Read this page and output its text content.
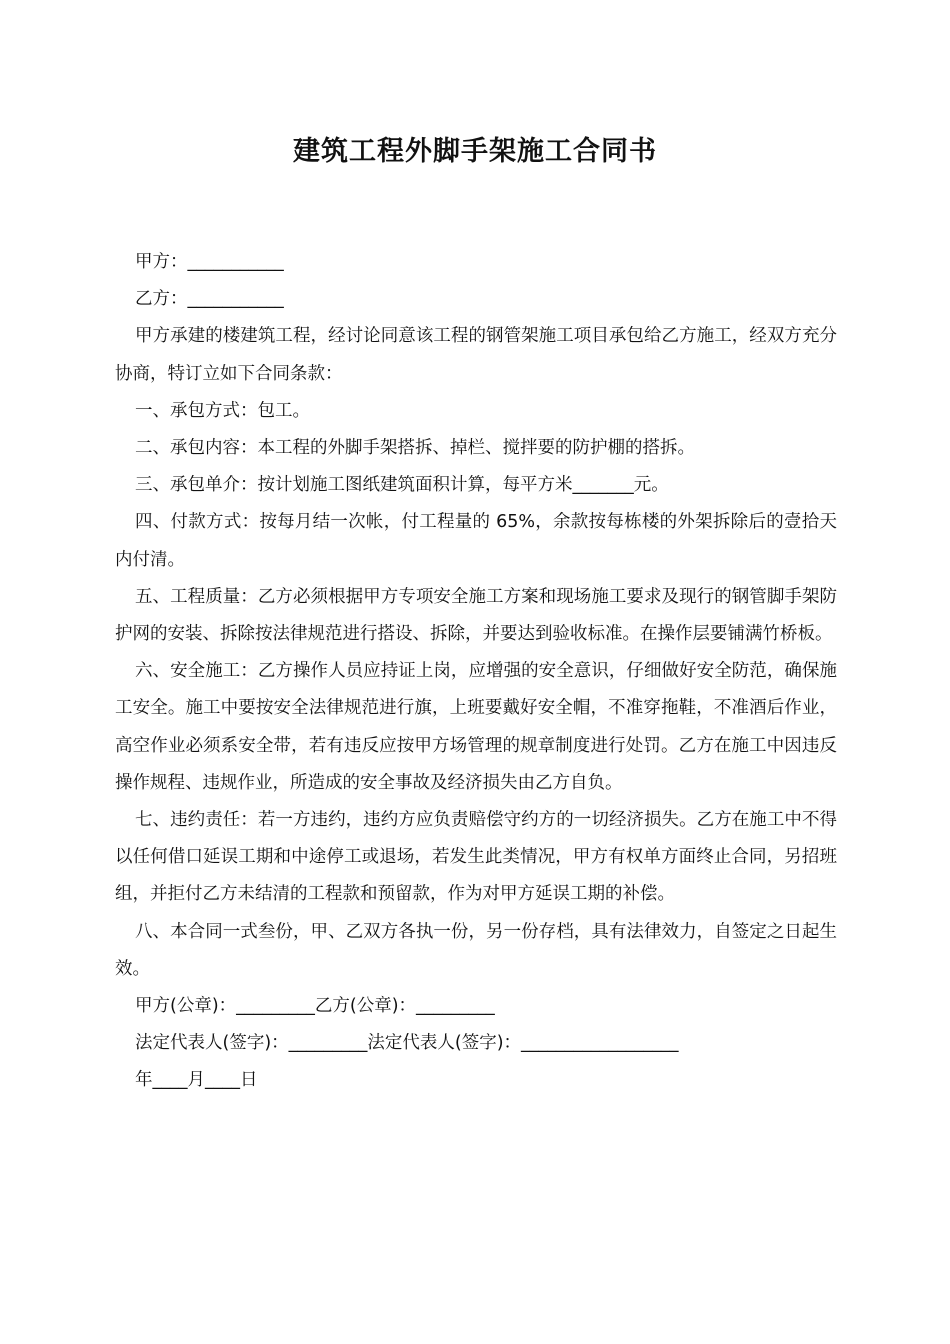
建筑工程外脚手架施工合同书

甲方：___________

乙方：___________

甲方承建的楼建筑工程，经讨论同意该工程的钢管架施工项目承包给乙方施工，经双方充分协商，特订立如下合同条款：

一、承包方式：包工。

二、承包内容：本工程的外脚手架搭拆、掉栏、搅拌要的防护棚的搭拆。

三、承包单介：按计划施工图纸建筑面积计算，每平方米_______元。

四、付款方式：按每月结一次帐，付工程量的 65%，余款按每栋楼的外架拆除后的壹拾天内付清。

五、工程质量：乙方必须根据甲方专项安全施工方案和现场施工要求及现行的钢管脚手架防护网的安装、拆除按法律规范进行搭设、拆除，并要达到验收标准。在操作层要铺满竹桥板。

六、安全施工：乙方操作人员应持证上岗，应增强的安全意识，仔细做好安全防范，确保施工安全。施工中要按安全法律规范进行旗，上班要戴好安全帽，不准穿拖鞋，不准酒后作业，高空作业必须系安全带，若有违反应按甲方场管理的规章制度进行处罚。乙方在施工中因违反操作规程、违规作业，所造成的安全事故及经济损失由乙方自负。

七、违约责任：若一方违约，违约方应负责赔偿守约方的一切经济损失。乙方在施工中不得以任何借口延误工期和中途停工或退场，若发生此类情况，甲方有权单方面终止合同，另招班组，并拒付乙方未结清的工程款和预留款，作为对甲方延误工期的补偿。

八、本合同一式叁份，甲、乙双方各执一份，另一份存档，具有法律效力，自签定之日起生效。

甲方(公章)：_________乙方(公章)：_________

法定代表人(签字)：_________法定代表人(签字)：__________________

年____月____日
